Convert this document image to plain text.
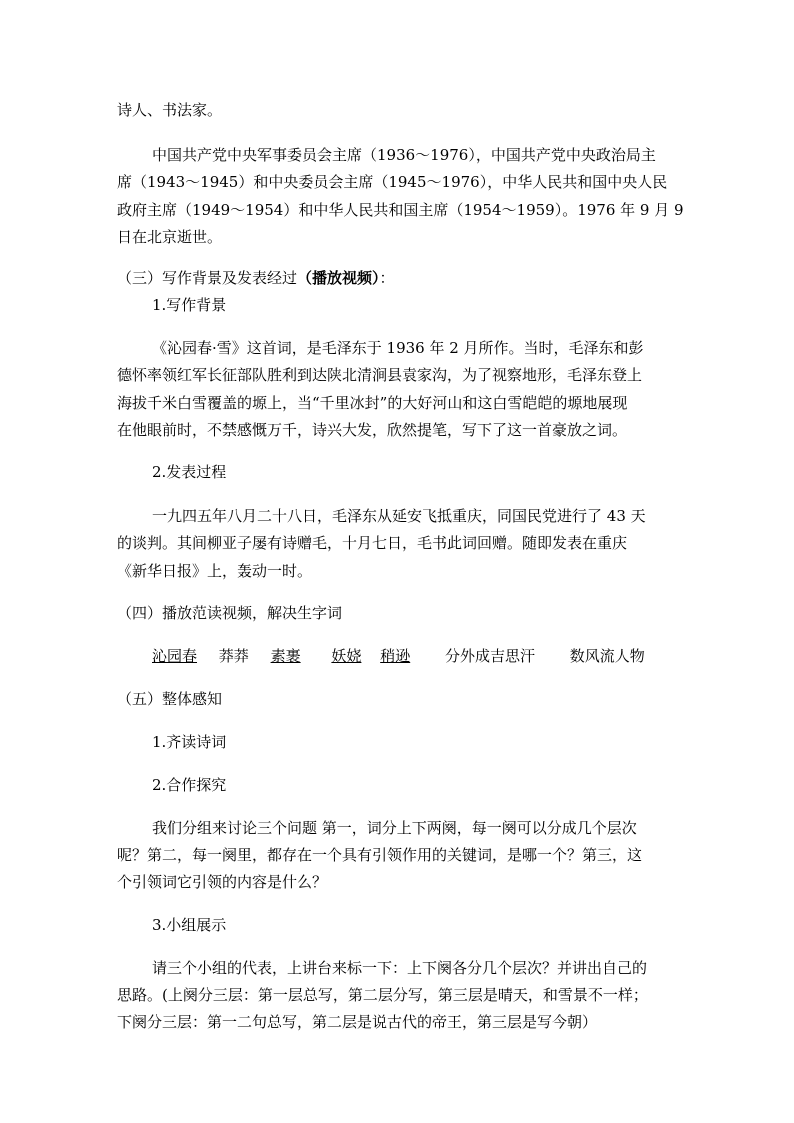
诗人、书法家。
中国共产党中央军事委员会主席（1936～1976），中国共产党中央政治局主
席（1943～1945）和中央委员会主席（1945～1976），中华人民共和国中央人民
政府主席（1949～1954）和中华人民共和国主席（1954～1959）。1976 年 9 月 9
日在北京逝世。
（三）写作背景及发表经过（播放视频）：
1.写作背景
《沁园春·雪》这首词，是毛泽东于 1936 年 2 月所作。当时，毛泽东和彭
德怀率领红军长征部队胜利到达陕北清涧县袁家沟，为了视察地形，毛泽东登上
海拔千米白雪覆盖的塬上，当“千里冰封”的大好河山和这白雪皑皑的塬地展现
在他眼前时，不禁感慨万千，诗兴大发，欣然提笔，写下了这一首豪放之词。
2.发表过程
一九四五年八月二十八日，毛泽东从延安飞抵重庆，同国民党进行了 43 天
的谈判。其间柳亚子屡有诗赠毛，十月七日，毛书此词回赠。随即发表在重庆
《新华日报》上，轰动一时。
（四）播放范读视频，解决生字词
沁园春 莽莽 素裹 妖娆 稍逊 分外成吉思汗 数风流人物
（五）整体感知
1.齐读诗词
2.合作探究
我们分组来讨论三个问题 第一，词分上下两阕，每一阕可以分成几个层次
呢？第二，每一阕里，都存在一个具有引领作用的关键词，是哪一个？第三，这
个引领词它引领的内容是什么？
3.小组展示
请三个小组的代表，上讲台来标一下：上下阕各分几个层次？并讲出自己的
思路。(上阕分三层：第一层总写，第二层分写，第三层是晴天，和雪景不一样；
下阕分三层：第一二句总写，第二层是说古代的帝王，第三层是写今朝）
